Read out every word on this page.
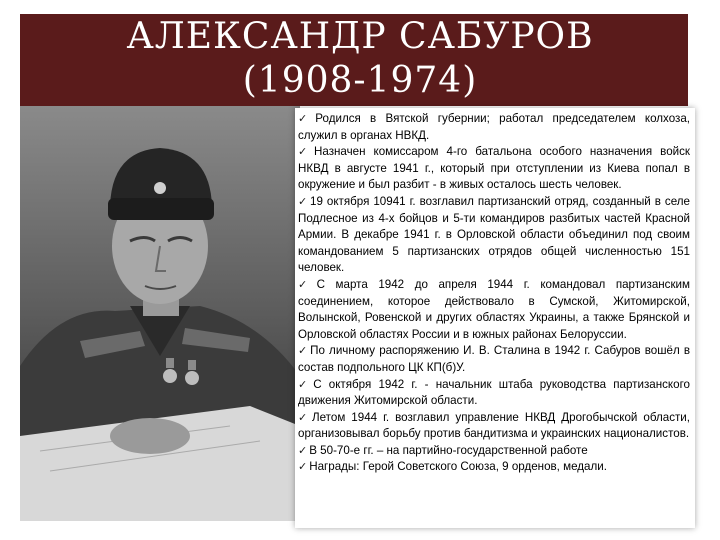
АЛЕКСАНДР САБУРОВ
(1908-1974)
✓ Родился в Вятской губернии; работал председателем колхоза, служил в органах НВКД.
✓ Назначен комиссаром 4-го батальона особого назначения войск НКВД в августе 1941 г., который при отступлении из Киева попал в окружение и был разбит - в живых осталось шесть человек.
✓ 19 октября 10941 г. возглавил партизанский отряд, созданный в селе Подлесное из 4-х бойцов и 5-ти командиров разбитых частей Красной Армии. В декабре 1941 г. в Орловской области объединил под своим командованием 5 партизанских отрядов общей численностью 151 человек.
✓ С марта 1942 до апреля 1944 г. командовал партизанским соединением, которое действовало в Сумской, Житомирской, Волынской, Ровенской и других областях Украины, а также Брянской и Орловской областях России и в южных районах Белоруссии.
✓ По личному распоряжению И. В. Сталина в 1942 г. Сабуров вошёл в состав подпольного ЦК КП(б)У.
✓ С октября 1942 г. - начальник штаба руководства партизанского движения Житомирской области.
✓ Летом 1944 г. возглавил управление НКВД Дрогобычской области, организовывал борьбу против бандитизма и украинских националистов.
✓ В 50-70-е гг. – на партийно-государственной работе
✓ Награды: Герой Советского Союза, 9 орденов, медали.
